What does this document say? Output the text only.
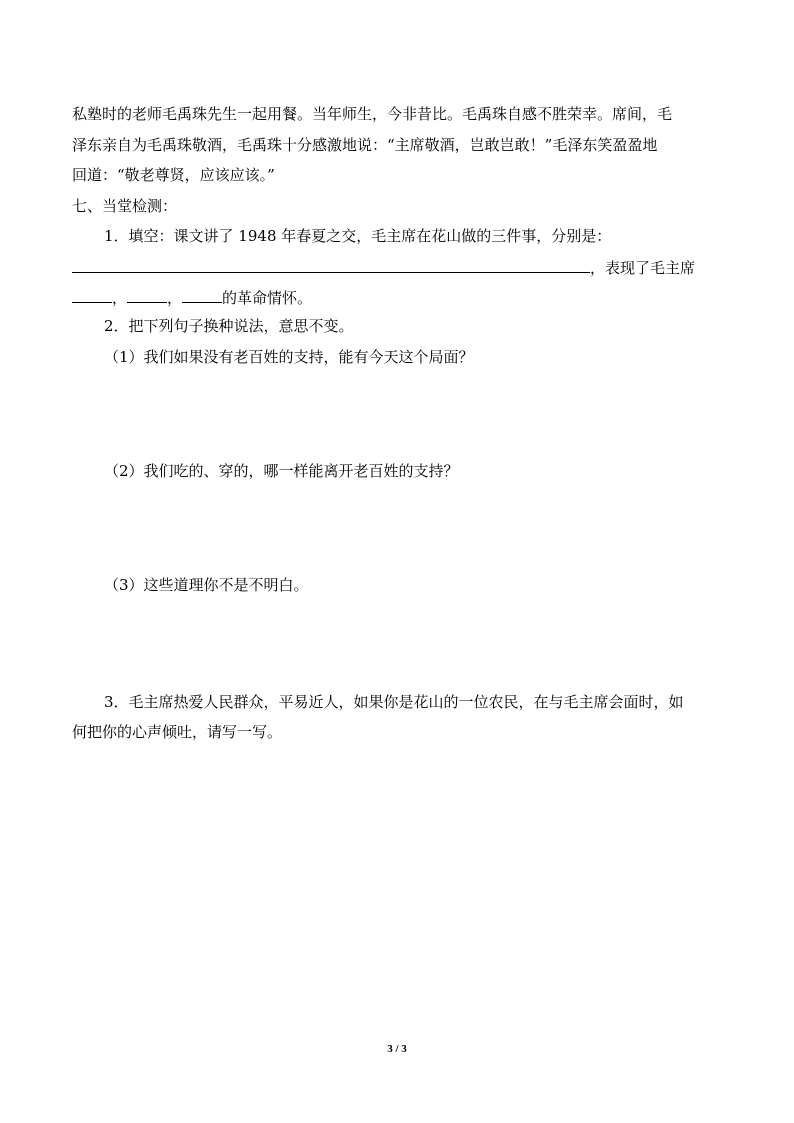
私塾时的老师毛禹珠先生一起用餐。当年师生，今非昔比。毛禹珠自感不胜荣幸。席间，毛
泽东亲自为毛禹珠敬酒，毛禹珠十分感激地说：“主席敬酒，岂敢岂敢！”毛泽东笑盈盈地
回道：“敬老尊贤，应该应该。”
七、当堂检测：
1．填空：课文讲了 1948 年春夏之交，毛主席在花山做的三件事，分别是：
，表现了毛主席
，	，	的革命情怀。
2．把下列句子换种说法，意思不变。
（1）我们如果没有老百姓的支持，能有今天这个局面？
（2）我们吃的、穿的，哪一样能离开老百姓的支持？
（3）这些道理你不是不明白。
3．毛主席热爱人民群众，平易近人，如果你是花山的一位农民，在与毛主席会面时，如
何把你的心声倾吐，请写一写。
3 / 3
